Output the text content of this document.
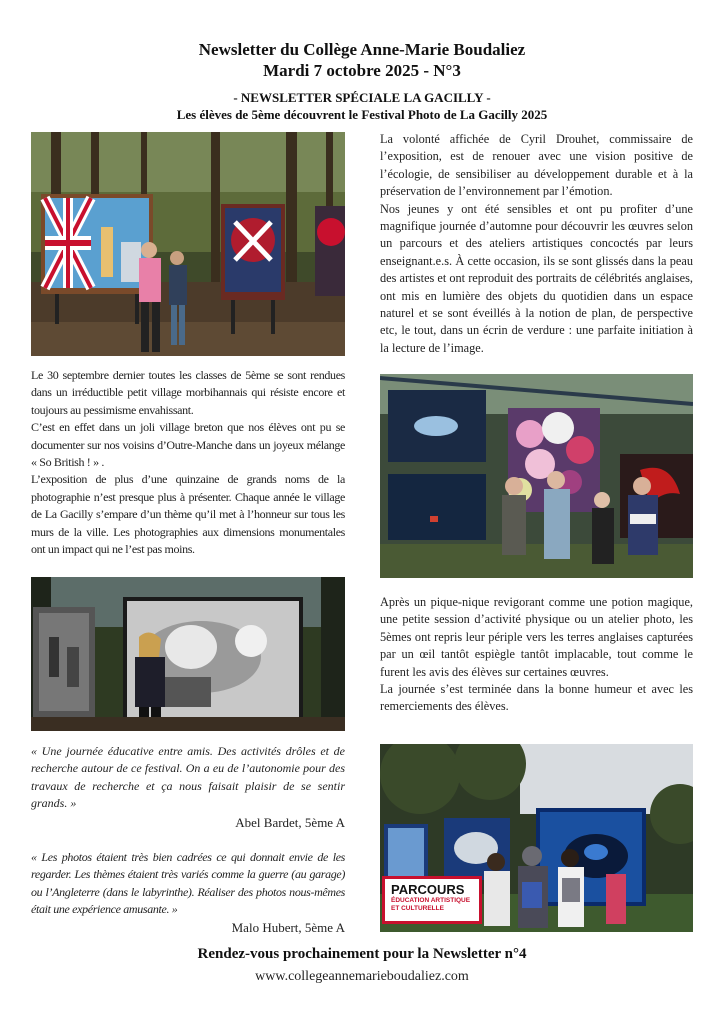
Newsletter du Collège Anne-Marie Boudaliez
Mardi 7 octobre 2025 - N°3
- NEWSLETTER SPÉCIALE LA GACILLY -
Les élèves de 5ème découvrent le Festival Photo de La Gacilly 2025

Le 30 septembre dernier toutes les classes de 5ème se sont rendues dans un irréductible petit village morbihannais qui résiste encore et toujours au pessimisme envahissant.

C’est en effet dans un joli village breton que nos élèves ont pu se documenter sur nos voisins d’Outre-Manche dans un joyeux mélange « So British ! » .

L’exposition de plus d’une quinzaine de grands noms de la photographie n’est presque plus à présenter. Chaque année le village de La Gacilly s’empare d’un thème qu’il met à l’honneur sur tous les murs de la ville. Les photographies aux dimensions monumentales ont un impact qui ne l’est pas moins.

« Une journée éducative entre amis. Des activités drôles et de recherche autour de ce festival. On a eu de l’autonomie pour des travaux de recherche et ça nous faisait plaisir de se sentir grands. »
Abel Bardet, 5ème A
« Les photos étaient très bien cadrées ce qui donnait envie de les regarder. Les thèmes étaient très variés comme la guerre (au garage) ou l’Angleterre (dans le labyrinthe). Réaliser des photos nous-mêmes était une expérience amusante. »
Malo Hubert, 5ème A

La volonté affichée de Cyril Drouhet, commissaire de l’exposition, est de renouer avec une vision positive de l’écologie, de sensibiliser au développement durable et à la préservation de l’environnement par l’émotion.

Nos jeunes y ont été sensibles et ont pu profiter d’une magnifique journée d’automne pour découvrir les œuvres selon un parcours et des ateliers artistiques concoctés par leurs enseignant.e.s. À cette occasion, ils se sont glissés dans la peau des artistes et ont reproduit des portraits de célébrités anglaises, ont mis en lumière des objets du quotidien dans un espace naturel et se sont éveillés à la notion de plan, de perspective etc, le tout, dans un écrin de verdure : une parfaite initiation à la lecture de l’image.

Après un pique-nique revigorant comme une potion magique, une petite session d’activité physique ou un atelier photo, les 5èmes ont repris leur périple vers les terres anglaises capturées par un œil tantôt espiègle tantôt implacable, tout comme le furent les avis des élèves sur certaines œuvres.

La journée s’est terminée dans la bonne humeur et avec les remerciements des élèves.

PARCOURS
ÉDUCATION ARTISTIQUE
ET CULTURELLE
Rendez-vous prochainement pour la Newsletter n°4
www.collegeannemarieboudaliez.com
